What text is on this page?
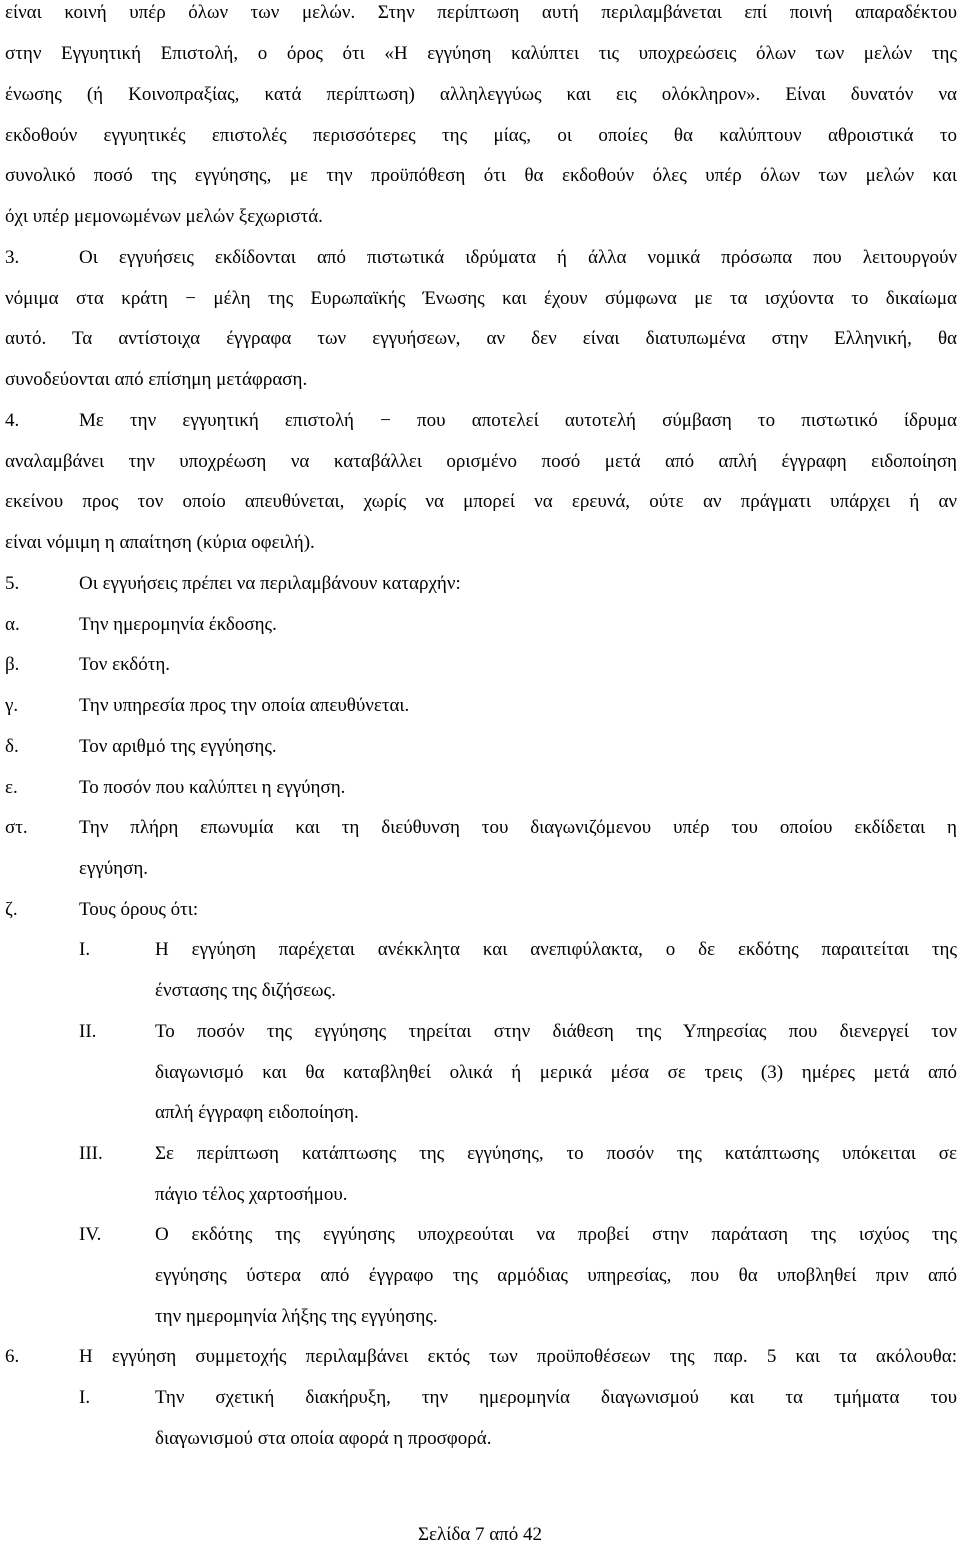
είναι κοινή υπέρ όλων των μελών. Στην περίπτωση αυτή περιλαμβάνεται επί ποινή απαραδέκτου
στην Εγγυητική Επιστολή, ο όρος ότι «Η εγγύηση καλύπτει τις υποχρεώσεις όλων των μελών της
ένωσης (ή Κοινοπραξίας, κατά περίπτωση) αλληλεγγύως και εις ολόκληρον». Είναι δυνατόν να
εκδοθούν εγγυητικές επιστολές περισσότερες της μίας, οι οποίες θα καλύπτουν αθροιστικά το
συνολικό ποσό της εγγύησης, με την προϋπόθεση ότι θα εκδοθούν όλες υπέρ όλων των μελών και
όχι υπέρ μεμονωμένων μελών ξεχωριστά.
3.	Οι εγγυήσεις εκδίδονται από πιστωτικά ιδρύματα ή άλλα νομικά πρόσωπα που λειτουργούν
νόμιμα στα κράτη − μέλη της Ευρωπαϊκής Ένωσης και έχουν σύμφωνα με τα ισχύοντα το δικαίωμα
αυτό. Τα αντίστοιχα έγγραφα των εγγυήσεων, αν δεν είναι διατυπωμένα στην Ελληνική, θα
συνοδεύονται από επίσημη μετάφραση.
4.	Με την εγγυητική επιστολή − που αποτελεί αυτοτελή σύμβαση το πιστωτικό ίδρυμα
αναλαμβάνει την υποχρέωση να καταβάλλει ορισμένο ποσό μετά από απλή έγγραφη ειδοποίηση
εκείνου προς τον οποίο απευθύνεται, χωρίς να μπορεί να ερευνά, ούτε αν πράγματι υπάρχει ή αν
είναι νόμιμη η απαίτηση (κύρια οφειλή).
5.	Οι εγγυήσεις πρέπει να περιλαμβάνουν καταρχήν:
α.	Την ημερομηνία έκδοσης.
β.	Τον εκδότη.
γ.	Την υπηρεσία προς την οποία απευθύνεται.
δ.	Τον αριθμό της εγγύησης.
ε.	Το ποσόν που καλύπτει η εγγύηση.
στ.	Την πλήρη επωνυμία και τη διεύθυνση του διαγωνιζόμενου υπέρ του οποίου εκδίδεται η
εγγύηση.
ζ.	Τους όρους ότι:
I.	Η εγγύηση παρέχεται ανέκκλητα και ανεπιφύλακτα, ο δε εκδότης παραιτείται της
ένστασης της διζήσεως.
II.	Το ποσόν της εγγύησης τηρείται στην διάθεση της Υπηρεσίας που διενεργεί τον
διαγωνισμό και θα καταβληθεί ολικά ή μερικά μέσα σε τρεις (3) ημέρες μετά από
απλή έγγραφη ειδοποίηση.
III.	Σε περίπτωση κατάπτωσης της εγγύησης, το ποσόν της κατάπτωσης υπόκειται σε
πάγιο τέλος χαρτοσήμου.
IV.	Ο εκδότης της εγγύησης υποχρεούται να προβεί στην παράταση της ισχύος της
εγγύησης ύστερα από έγγραφο της αρμόδιας υπηρεσίας, που θα υποβληθεί πριν από
την ημερομηνία λήξης της εγγύησης.
6.	Η εγγύηση συμμετοχής περιλαμβάνει εκτός των προϋποθέσεων της παρ. 5 και τα ακόλουθα:
I.	Την σχετική διακήρυξη, την ημερομηνία διαγωνισμού και τα τμήματα του
διαγωνισμού στα οποία αφορά η προσφορά.
Σελίδα 7 από 42
